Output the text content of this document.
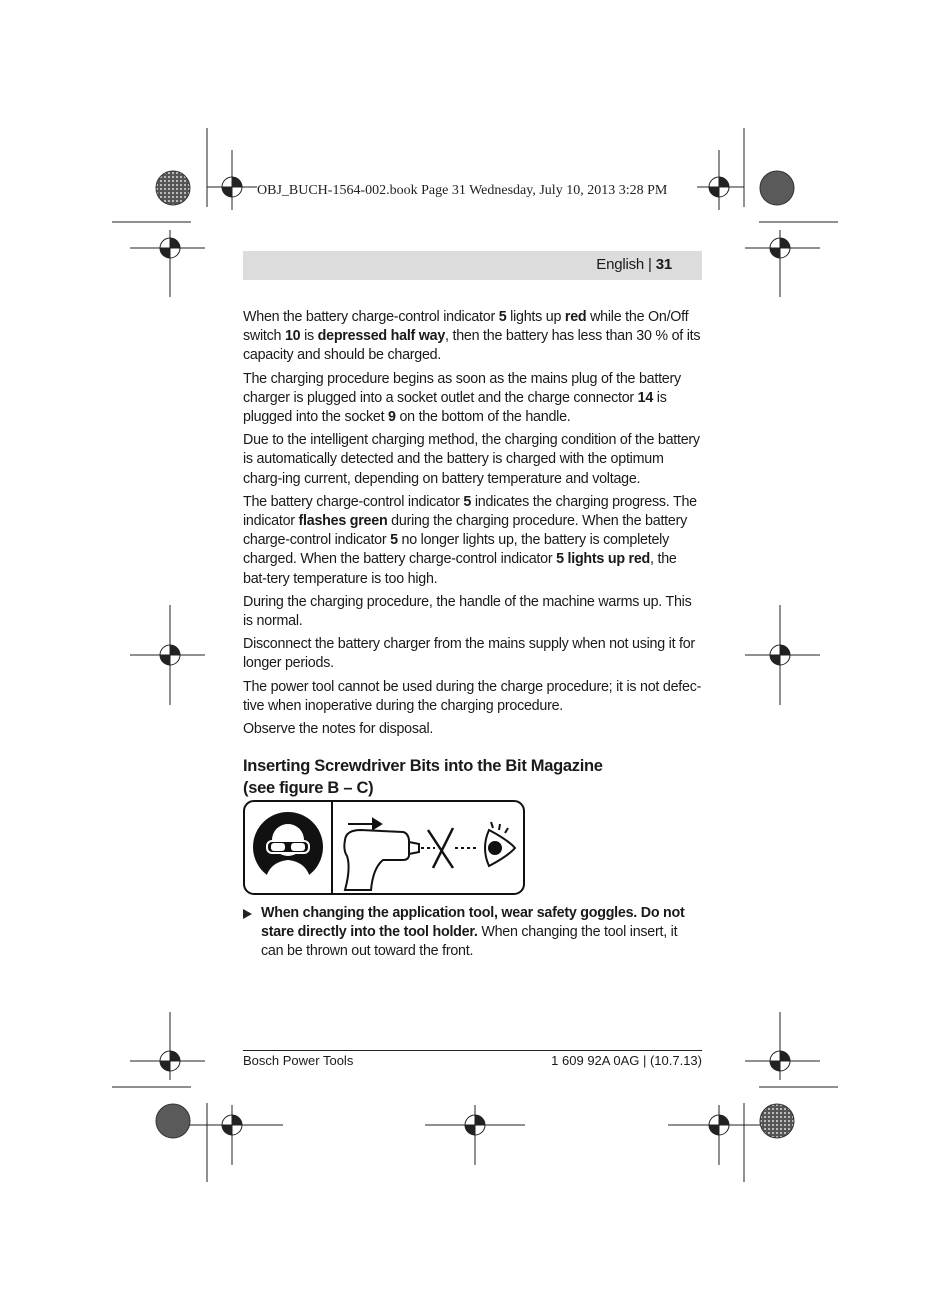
OBJ_BUCH-1564-002.book Page 31 Wednesday, July 10, 2013 3:28 PM
English | 31

When the battery charge-control indicator 5 lights up red while the On/Off switch 10 is depressed half way, then the battery has less than 30 % of its capacity and should be charged.

The charging procedure begins as soon as the mains plug of the battery charger is plugged into a socket outlet and the charge connector 14 is plugged into the socket 9 on the bottom of the handle.

Due to the intelligent charging method, the charging condition of the battery is automatically detected and the battery is charged with the optimum charg-ing current, depending on battery temperature and voltage.

The battery charge-control indicator 5 indicates the charging progress. The indicator flashes green during the charging procedure. When the battery charge-control indicator 5 no longer lights up, the battery is completely charged. When the battery charge-control indicator 5 lights up red, the bat-tery temperature is too high.

During the charging procedure, the handle of the machine warms up. This is normal.

Disconnect the battery charger from the mains supply when not using it for longer periods.

The power tool cannot be used during the charge procedure; it is not defec-tive when inoperative during the charging procedure.

Observe the notes for disposal.

Inserting Screwdriver Bits into the Bit Magazine
(see figure B – C)
When changing the application tool, wear safety goggles. Do not stare directly into the tool holder. When changing the tool insert, it can be thrown out toward the front.
Bosch Power Tools	1 609 92A 0AG | (10.7.13)
